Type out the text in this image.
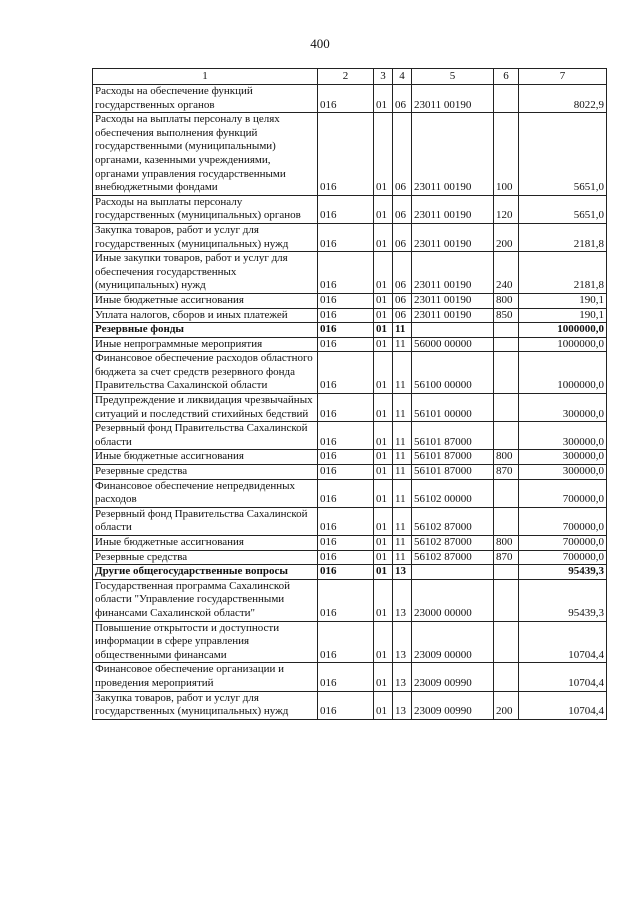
400
1	2	3	4	5	6	7
Расходы на обеспечение функций государственных органов	016	01	06	23011 00190		8022,9
Расходы на выплаты персоналу в целях обеспечения выполнения функций государственными (муниципальными) органами, казенными учреждениями, органами управления государственными внебюджетными фондами	016	01	06	23011 00190	100	5651,0
Расходы на выплаты персоналу государственных (муниципальных) органов	016	01	06	23011 00190	120	5651,0
Закупка товаров, работ и услуг для государственных (муниципальных) нужд	016	01	06	23011 00190	200	2181,8
Иные закупки товаров, работ и услуг для обеспечения государственных (муниципальных) нужд	016	01	06	23011 00190	240	2181,8
Иные бюджетные ассигнования	016	01	06	23011 00190	800	190,1
Уплата налогов, сборов и иных платежей	016	01	06	23011 00190	850	190,1
Резервные фонды	016	01	11			1000000,0
Иные непрограммные мероприятия	016	01	11	56000 00000		1000000,0
Финансовое обеспечение расходов областного бюджета за счет средств резервного фонда Правительства Сахалинской области	016	01	11	56100 00000		1000000,0
Предупреждение и ликвидация чрезвычайных ситуаций и последствий стихийных бедствий	016	01	11	56101 00000		300000,0
Резервный фонд Правительства Сахалинской области	016	01	11	56101 87000		300000,0
Иные бюджетные ассигнования	016	01	11	56101 87000	800	300000,0
Резервные средства	016	01	11	56101 87000	870	300000,0
Финансовое обеспечение непредвиденных расходов	016	01	11	56102 00000		700000,0
Резервный фонд Правительства Сахалинской области	016	01	11	56102 87000		700000,0
Иные бюджетные ассигнования	016	01	11	56102 87000	800	700000,0
Резервные средства	016	01	11	56102 87000	870	700000,0
Другие общегосударственные вопросы	016	01	13			95439,3
Государственная программа Сахалинской области "Управление государственными финансами Сахалинской области"	016	01	13	23000 00000		95439,3
Повышение открытости и доступности информации в сфере управления общественными финансами	016	01	13	23009 00000		10704,4
Финансовое обеспечение организации и проведения мероприятий	016	01	13	23009 00990		10704,4
Закупка товаров, работ и услуг для государственных (муниципальных) нужд	016	01	13	23009 00990	200	10704,4
